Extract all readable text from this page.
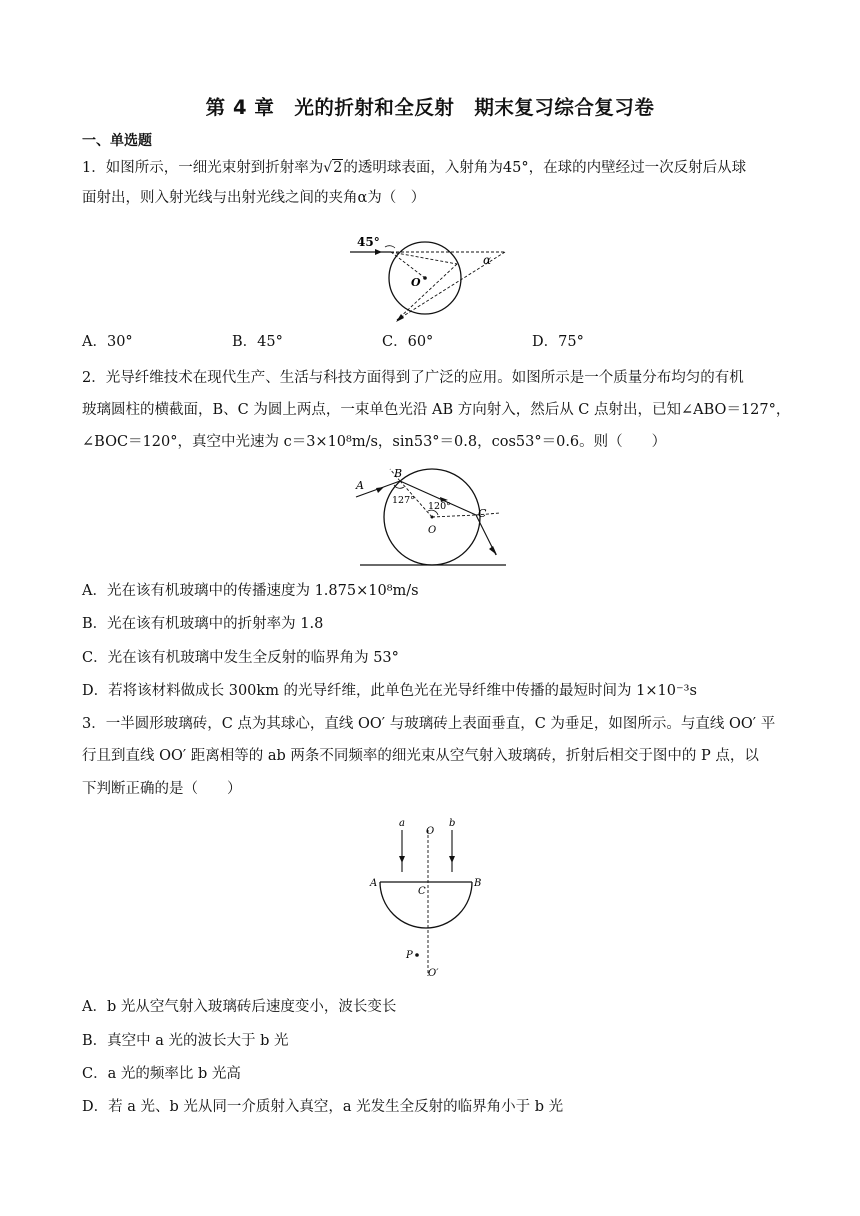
第 4 章　光的折射和全反射　期末复习综合复习卷
一、单选题
1．如图所示，一细光束射到折射率为√2的透明球表面，入射角为45°，在球的内壁经过一次反射后从球
面射出，则入射光线与出射光线之间的夹角α为（　）
45°
O
α
A．30°	B．45°	C．60°	D．75°
2．光导纤维技术在现代生产、生活与科技方面得到了广泛的应用。如图所示是一个质量分布均匀的有机
玻璃圆柱的横截面，B、C 为圆上两点，一束单色光沿 AB 方向射入，然后从 C 点射出，已知∠ABO＝127°，
∠BOC＝120°，真空中光速为 c＝3×10⁸m/s，sin53°＝0.8，cos53°＝0.6。则（　　）
A
B
C
O
127°
120°
A．光在该有机玻璃中的传播速度为 1.875×10⁸m/s
B．光在该有机玻璃中的折射率为 1.8
C．光在该有机玻璃中发生全反射的临界角为 53°
D．若将该材料做成长 300km 的光导纤维，此单色光在光导纤维中传播的最短时间为 1×10⁻³s
3．一半圆形玻璃砖，C 点为其球心，直线 OO′ 与玻璃砖上表面垂直，C 为垂足，如图所示。与直线 OO′ 平
行且到直线 OO′ 距离相等的 ab 两条不同频率的细光束从空气射入玻璃砖，折射后相交于图中的 P 点，以
下判断正确的是（　　）
a	b
O
A	B
C
P
O′
A．b 光从空气射入玻璃砖后速度变小，波长变长
B．真空中 a 光的波长大于 b 光
C．a 光的频率比 b 光高
D．若 a 光、b 光从同一介质射入真空，a 光发生全反射的临界角小于 b 光
